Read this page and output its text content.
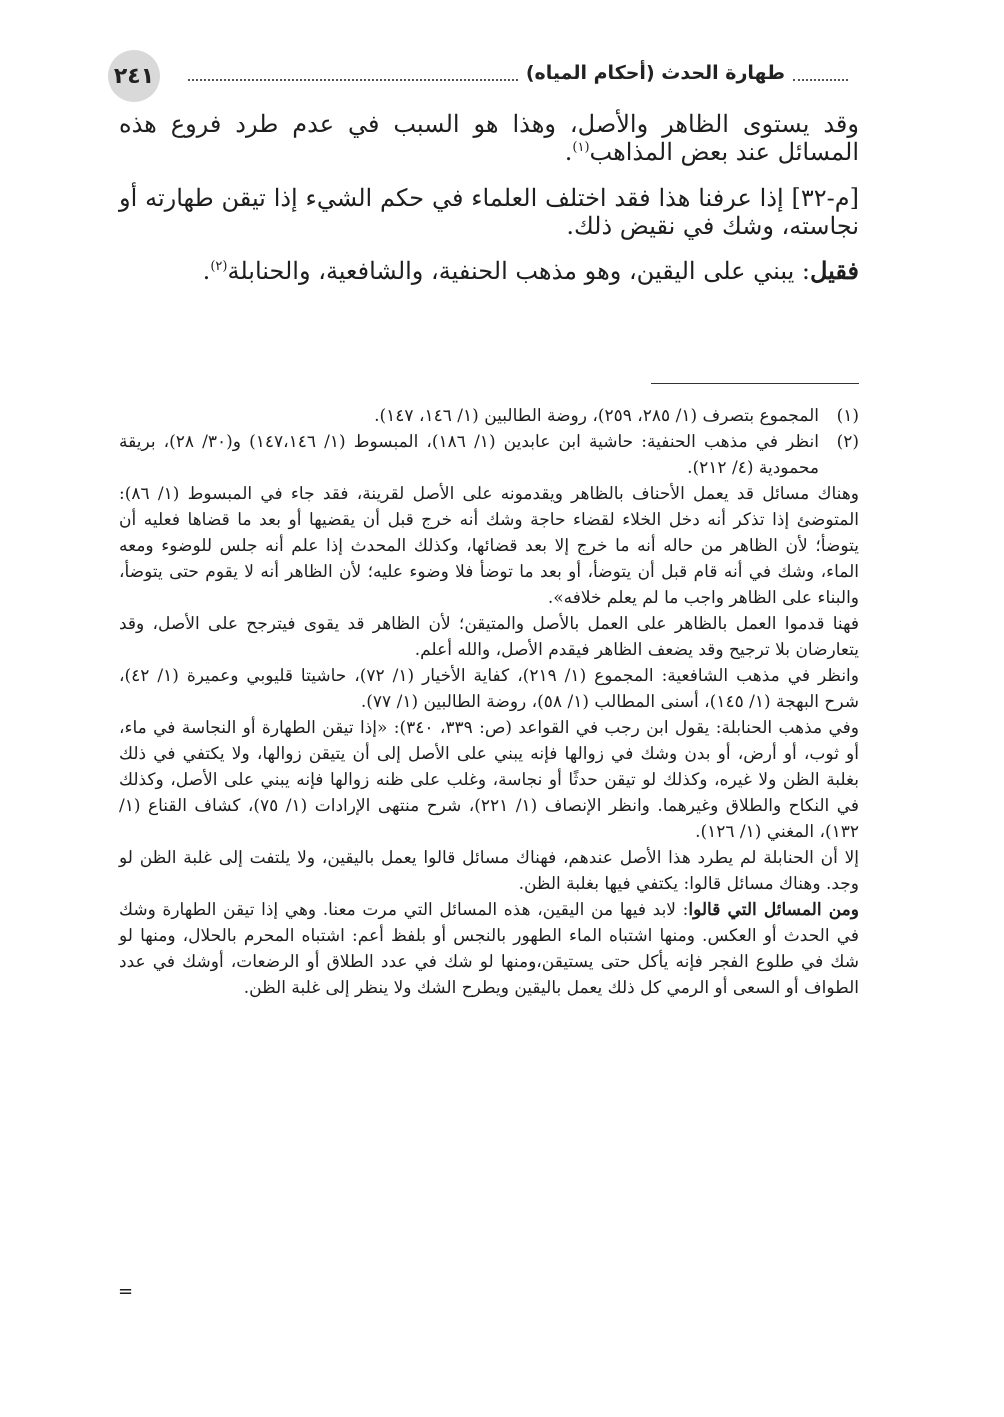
٢٤١	طهارة الحدث (أحكام المياه)

وقد يستوى الظاهر والأصل، وهذا هو السبب في عدم طرد فروع هذه المسائل عند بعض المذاهب$^{(١)}$.

[م-٣٢] إذا عرفنا هذا فقد اختلف العلماء في حكم الشيء إذا تيقن طهارته أو نجاسته، وشك في نقيض ذلك.

فقيل: يبني على اليقين، وهو مذهب الحنفية، والشافعية، والحنابلة$^{(٢)}$.

(١)
المجموع بتصرف (١/ ٢٨٥، ٢٥٩)، روضة الطالبين (١/ ١٤٦، ١٤٧).
(٢)
انظر في مذهب الحنفية: حاشية ابن عابدين (١/ ١٨٦)، المبسوط (١/ ١٤٧،١٤٦) و(٣٠/ ٢٨)، بريقة محمودية (٤/ ٢١٢).

وهناك مسائل قد يعمل الأحناف بالظاهر ويقدمونه على الأصل لقرينة، فقد جاء في المبسوط (١/ ٨٦): المتوضئ إذا تذكر أنه دخل الخلاء لقضاء حاجة وشك أنه خرج قبل أن يقضيها أو بعد ما قضاها فعليه أن يتوضأ؛ لأن الظاهر من حاله أنه ما خرج إلا بعد قضائها، وكذلك المحدث إذا علم أنه جلس للوضوء ومعه الماء، وشك في أنه قام قبل أن يتوضأ، أو بعد ما توضأ فلا وضوء عليه؛ لأن الظاهر أنه لا يقوم حتى يتوضأ، والبناء على الظاهر واجب ما لم يعلم خلافه».

فهنا قدموا العمل بالظاهر على العمل بالأصل والمتيقن؛ لأن الظاهر قد يقوى فيترجح على الأصل، وقد يتعارضان بلا ترجيح وقد يضعف الظاهر فيقدم الأصل، والله أعلم.

وانظر في مذهب الشافعية: المجموع (١/ ٢١٩)، كفاية الأخيار (١/ ٧٢)، حاشيتا قليوبي وعميرة (١/ ٤٢)، شرح البهجة (١/ ١٤٥)، أسنى المطالب (١/ ٥٨)، روضة الطالبين (١/ ٧٧).

وفي مذهب الحنابلة: يقول ابن رجب في القواعد (ص: ٣٣٩، ٣٤٠): «إذا تيقن الطهارة أو النجاسة في ماء، أو ثوب، أو أرض، أو بدن وشك في زوالها فإنه يبني على الأصل إلى أن يتيقن زوالها، ولا يكتفي في ذلك بغلبة الظن ولا غيره، وكذلك لو تيقن حدثًا أو نجاسة، وغلب على ظنه زوالها فإنه يبني على الأصل، وكذلك في النكاح والطلاق وغيرهما. وانظر الإنصاف (١/ ٢٢١)، شرح منتهى الإرادات (١/ ٧٥)، كشاف القناع (١/ ١٣٢)، المغني (١/ ١٢٦).

إلا أن الحنابلة لم يطرد هذا الأصل عندهم، فهناك مسائل قالوا يعمل باليقين، ولا يلتفت إلى غلبة الظن لو وجد. وهناك مسائل قالوا: يكتفي فيها بغلبة الظن.

ومن المسائل التي قالوا: لابد فيها من اليقين، هذه المسائل التي مرت معنا. وهي إذا تيقن الطهارة وشك في الحدث أو العكس. ومنها اشتباه الماء الطهور بالنجس أو بلفظ أعم: اشتباه المحرم بالحلال، ومنها لو شك في طلوع الفجر فإنه يأكل حتى يستيقن،ومنها لو شك في عدد الطلاق أو الرضعات، أوشك في عدد الطواف أو السعى أو الرمي كل ذلك يعمل باليقين ويطرح الشك ولا ينظر إلى غلبة الظن.

=
